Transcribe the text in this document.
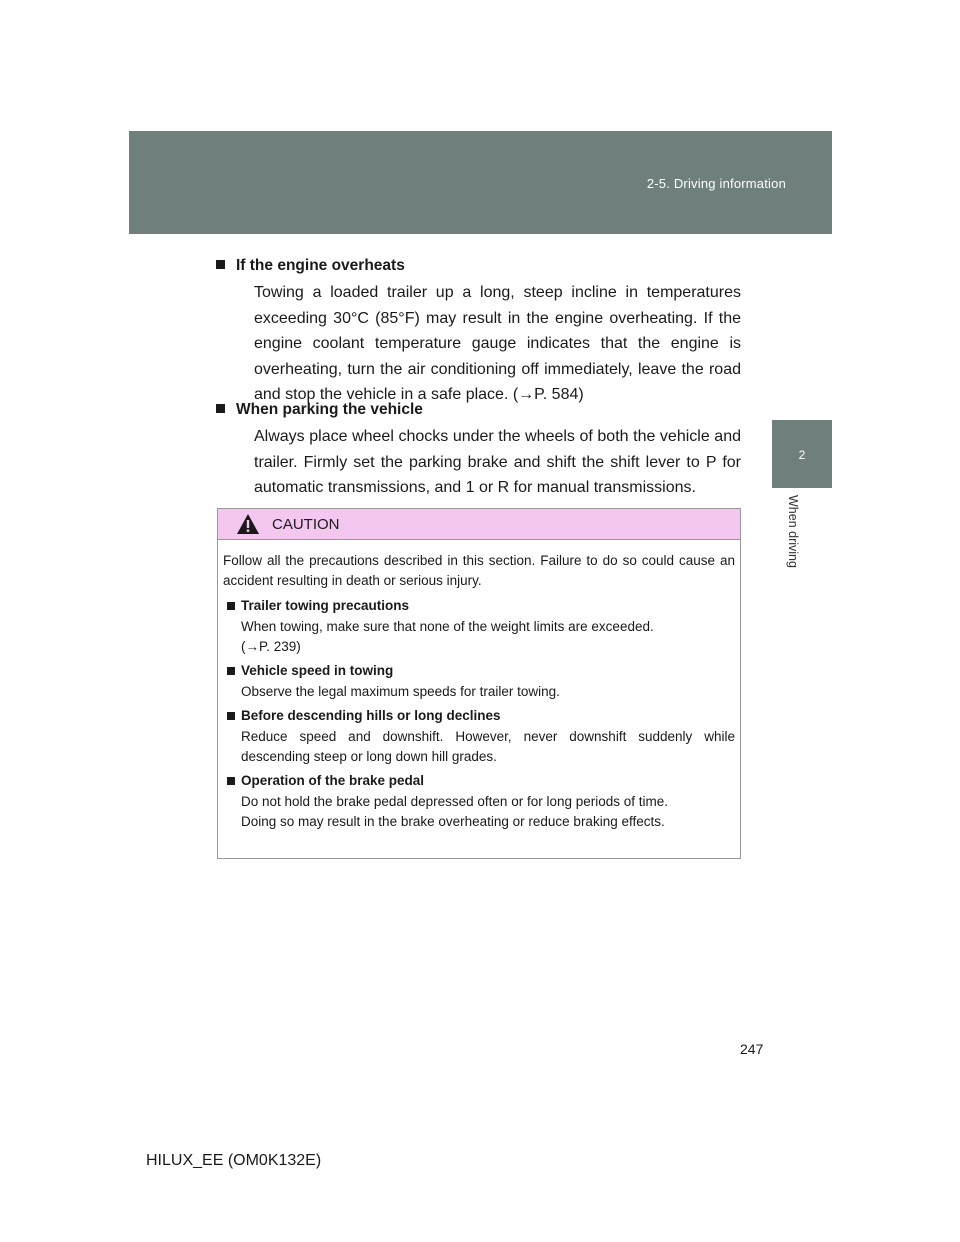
2-5. Driving information
2
When driving

If the engine overheats

Towing a loaded trailer up a long, steep incline in temperatures exceeding 30°C (85°F) may result in the engine overheating. If the engine coolant temperature gauge indicates that the engine is overheating, turn the air conditioning off immediately, leave the road and stop the vehicle in a safe place. (→P. 584)

When parking the vehicle

Always place wheel chocks under the wheels of both the vehicle and trailer. Firmly set the parking brake and shift the shift lever to P for automatic transmissions, and 1 or R for manual transmissions.

CAUTION

Follow all the precautions described in this section. Failure to do so could cause an accident resulting in death or serious injury.

Trailer towing precautions

When towing, make sure that none of the weight limits are exceeded.
(→P. 239)

Vehicle speed in towing

Observe the legal maximum speeds for trailer towing.

Before descending hills or long declines

Reduce speed and downshift. However, never downshift suddenly while descending steep or long down hill grades.

Operation of the brake pedal

Do not hold the brake pedal depressed often or for long periods of time.
Doing so may result in the brake overheating or reduce braking effects.

247
HILUX_EE (OM0K132E)
